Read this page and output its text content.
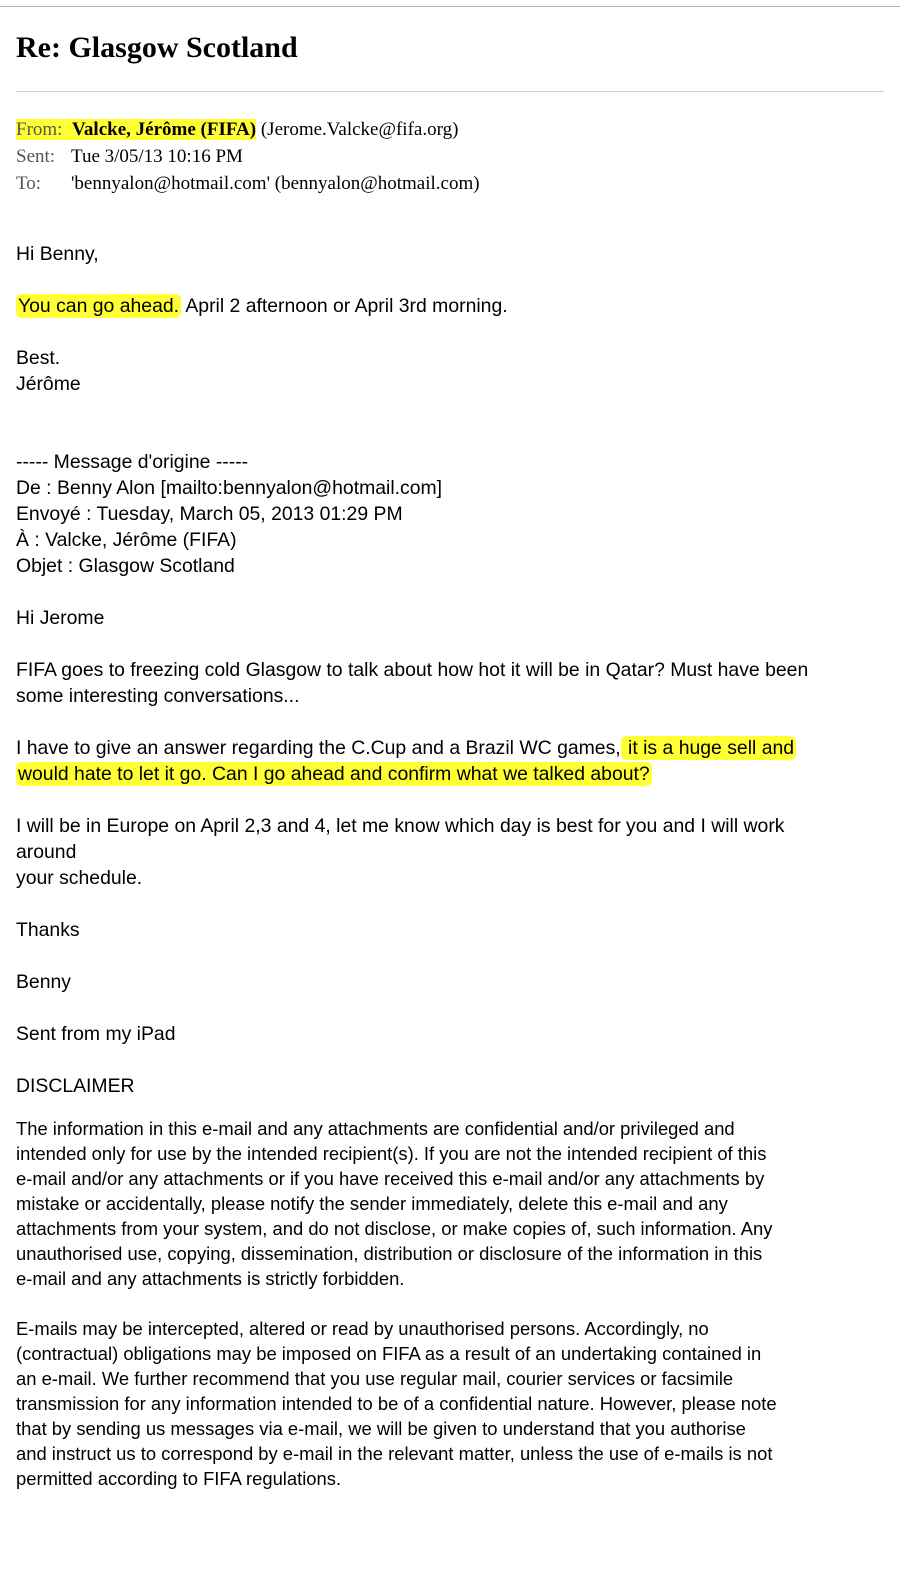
Re: Glasgow Scotland
From: Valcke, Jérôme (FIFA) (Jerome.Valcke@fifa.org)
Sent: Tue 3/05/13 10:16 PM
To: 'bennyalon@hotmail.com' (bennyalon@hotmail.com)
Hi Benny,
You can go ahead. April 2 afternoon or April 3rd morning.
Best.
Jérôme
----- Message d'origine -----
De : Benny Alon [mailto:bennyalon@hotmail.com]
Envoyé : Tuesday, March 05, 2013 01:29 PM
À : Valcke, Jérôme (FIFA)
Objet : Glasgow Scotland
Hi Jerome
FIFA goes to freezing cold Glasgow to talk about how hot it will be in Qatar? Must have been
some interesting conversations...
I have to give an answer regarding the C.Cup and a Brazil WC games, it is a huge sell and
would hate to let it go. Can I go ahead and confirm what we talked about?
I will be in Europe on April 2,3 and 4, let me know which day is best for you and I will work
around
your schedule.
Thanks
Benny
Sent from my iPad
DISCLAIMER
The information in this e-mail and any attachments are confidential and/or privileged and
intended only for use by the intended recipient(s). If you are not the intended recipient of this
e-mail and/or any attachments or if you have received this e-mail and/or any attachments by
mistake or accidentally, please notify the sender immediately, delete this e-mail and any
attachments from your system, and do not disclose, or make copies of, such information. Any
unauthorised use, copying, dissemination, distribution or disclosure of the information in this
e-mail and any attachments is strictly forbidden.
E-mails may be intercepted, altered or read by unauthorised persons. Accordingly, no
(contractual) obligations may be imposed on FIFA as a result of an undertaking contained in
an e-mail. We further recommend that you use regular mail, courier services or facsimile
transmission for any information intended to be of a confidential nature. However, please note
that by sending us messages via e-mail, we will be given to understand that you authorise
and instruct us to correspond by e-mail in the relevant matter, unless the use of e-mails is not
permitted according to FIFA regulations.
